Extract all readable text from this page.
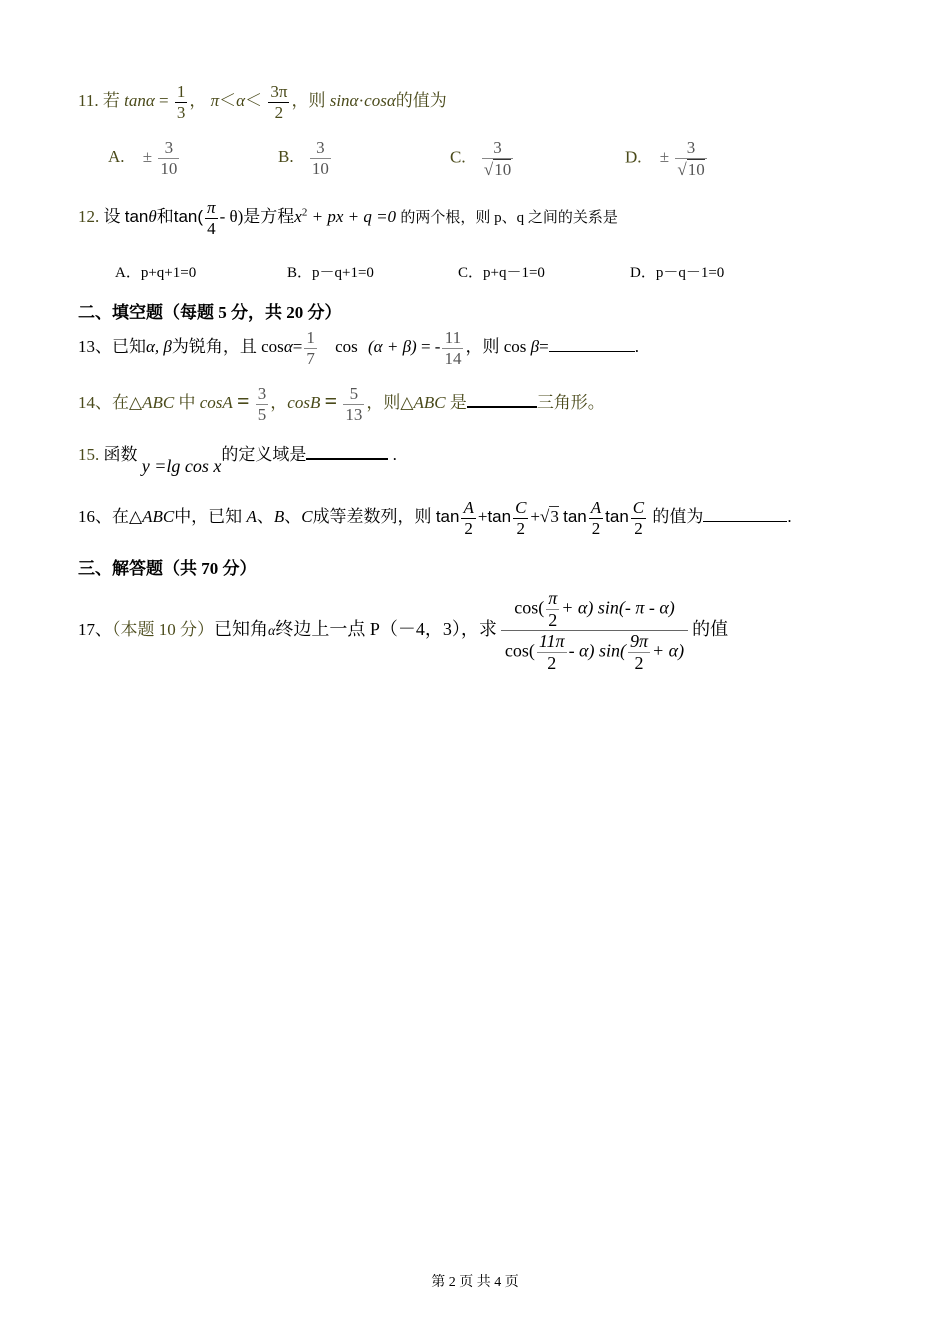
11. 若 $\tan\alpha = \frac{1}{3}$ ， $\pi<\alpha< \frac{3\pi}{2}$ ，则 sinα·cosα的值为
A. ± $\frac{3}{10}$	B. $\frac{3}{10}$	C. $\frac{3}{√10}$	D. ± $\frac{3}{√10}$
12. 设 tanθ和$\tan( \frac{\pi}{4} - \theta)$是方程$x^2$ + px + q =0 的两个根，则 p、q 之间的关系是
A．p+q+1=0	B．p－q+1=0	C．p+q－1=0	D．p－q－1=0
二、填空题（每题 5 分，共 20 分）
13、已知α, β为锐角，且 $\cos\alpha= \frac{1}{7}$ cos (α + β) = - $\frac{11}{14}$ ，则 cos β=	.
14、在△ABC 中 $\cos A = \frac{3}{5}$ ，$\cos B = \frac{5}{13}$ ，则△ABC 是	三角形。
15. 函数 y =lg cos x的定义域是	.
16、在△ABC中，已知 A、B、C成等差数列，则 $\tan \frac{A}{2} +\tan \frac{C}{2} +√3$ $\tan \frac{A}{2}$ $\tan \frac{C}{2}$ 的值为	.
三、解答题（共 70 分）
17、（本题 10 分）已知角α终边上一点 P（－4，3），求 $\frac{\cos( \frac{\pi}{2} + \alpha) \sin(- \pi - \alpha)}{\cos( \frac{11\pi}{2} - \alpha) \sin( \frac{9\pi}{2} + \alpha)}$ 的值
第 2 页 共 4 页
